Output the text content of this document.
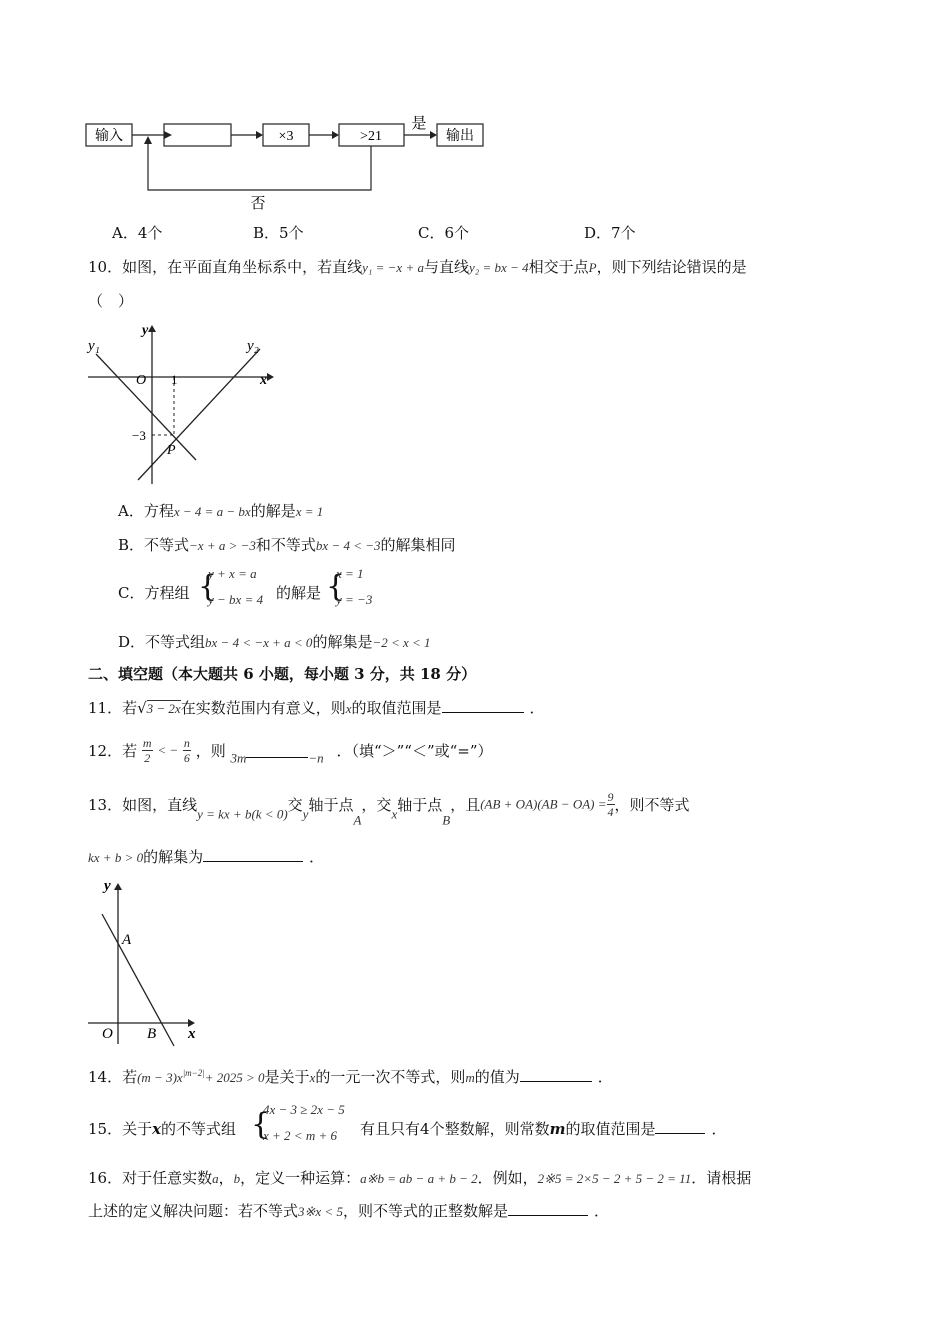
输入	×3	>21	输出
是
否
A．4个	B．5个	C．6个	D．7个
10．如图，在平面直角坐标系中，若直线y₁ = −x + a与直线y₂ = bx − 4相交于点P，则下列结论错误的是
（　）
y₁	y₂
y
x
O 1
−3
P
A．方程x − 4 = a − bx的解是x = 1
B．不等式−x + a > −3和不等式bx − 4 < −3的解集相同
C．方程组 {
y + x = a
y − bx = 4 的解是 {
x = 1
y = −3
D．不等式组bx − 4 < −x + a < 0的解集是−2 < x < 1
二、填空题（本大题共 6 小题，每小题 3 分，共 18 分）
11．若√3 − 2x在实数范围内有意义，则x的取值范围是	．
12．若 $\frac{m}{2}$ < − $\frac{n}{6}$ ，则 3m	−n ．（填“＞”“＜”或“=”）
13．如图，直线y = kx + b(k < 0)交y轴于点A，交x轴于点B，且$(AB + OA)(AB - OA) = \frac{9}{4}$ ，则不等式
kx + b > 0的解集为	．
y
x
O
A
B
14．若$(m - 3)x^{|m-2|}+ 2025 > 0$是关于x的一元一次不等式，则m的值为	．
15．关于x的不等式组 {
4x − 3 ≥ 2x − 5
x + 2 < m + 6 有且只有4个整数解，则常数m的取值范围是	．
16．对于任意实数a，b，定义一种运算：a※b = ab − a + b − 2．例如，2※5 = 2×5 − 2 + 5 − 2 = 11．请根据
上述的定义解决问题：若不等式3※x < 5，则不等式的正整数解是	．
